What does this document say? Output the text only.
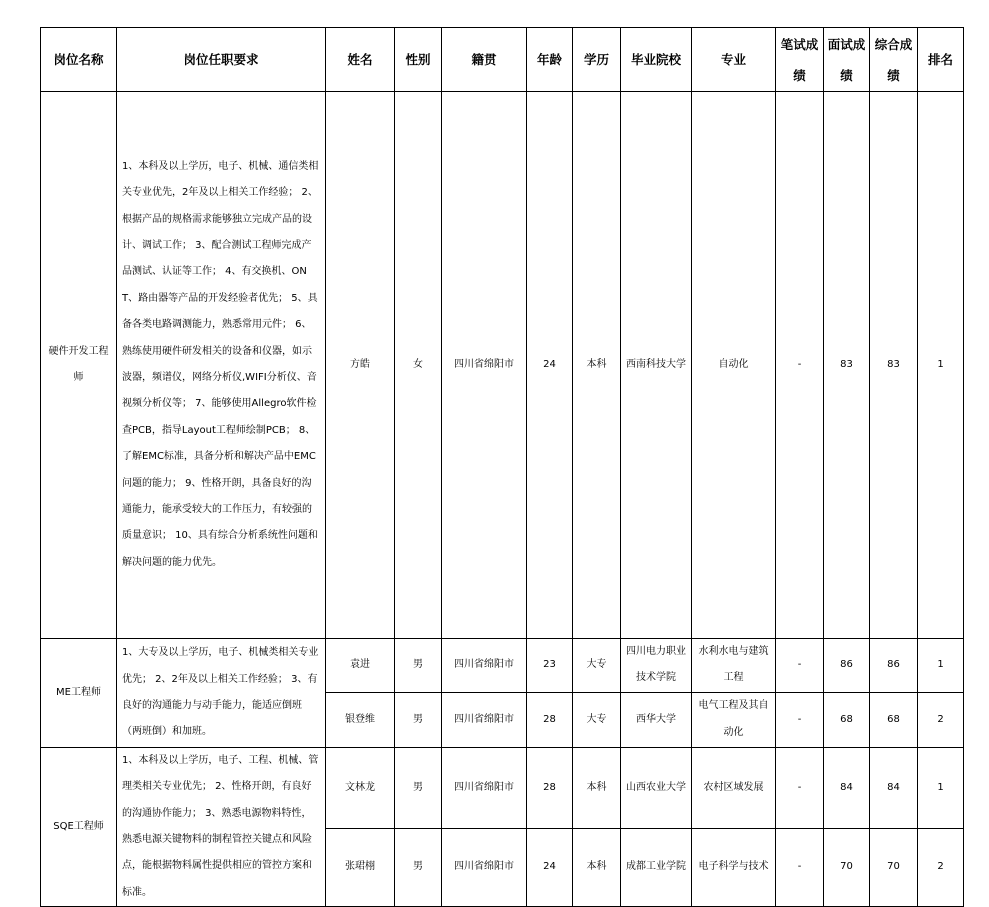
岗位名称	岗位任职要求	姓名	性别	籍贯	年龄	学历	毕业院校	专业	笔试成绩	面试成绩	综合成绩	排名
硬件开发工程师	1、本科及以上学历，电子、机械、通信类相关专业优先，2年及以上相关工作经验； 2、根据产品的规格需求能够独立完成产品的设计、调试工作； 3、配合测试工程师完成产品测试、认证等工作； 4、有交换机、ONT、路由器等产品的开发经验者优先； 5、具备各类电路调测能力，熟悉常用元件； 6、熟练使用硬件研发相关的设备和仪器，如示波器，频谱仪，网络分析仪,WIFI分析仪、音视频分析仪等； 7、能够使用Allegro软件检查PCB，指导Layout工程师绘制PCB； 8、了解EMC标准，具备分析和解决产品中EMC问题的能力； 9、性格开朗，具备良好的沟通能力，能承受较大的工作压力，有较强的质量意识； 10、具有综合分析系统性问题和解决问题的能力优先。	方皓	女	四川省绵阳市	24	本科	西南科技大学	自动化	-	83	83	1
ME工程师	1、大专及以上学历，电子、机械类相关专业优先； 2、2年及以上相关工作经验； 3、有良好的沟通能力与动手能力，能适应倒班（两班倒）和加班。	袁进	男	四川省绵阳市	23	大专	四川电力职业技术学院	水利水电与建筑工程	-	86	86	1
		银登维	男	四川省绵阳市	28	大专	西华大学	电气工程及其自动化	-	68	68	2
SQE工程师	1、本科及以上学历，电子、工程、机械、管理类相关专业优先； 2、性格开朗，有良好的沟通协作能力； 3、熟悉电源物料特性，熟悉电源关键物料的制程管控关键点和风险点，能根据物料属性提供相应的管控方案和标准。	文林龙	男	四川省绵阳市	28	本科	山西农业大学	农村区域发展	-	84	84	1
		张珺栩	男	四川省绵阳市	24	本科	成都工业学院	电子科学与技术	-	70	70	2
